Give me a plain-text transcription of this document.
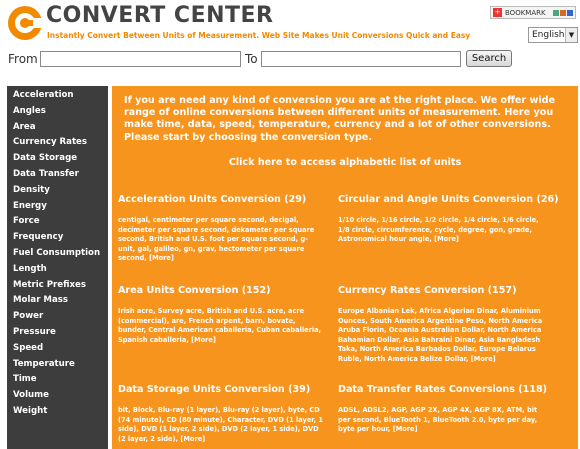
CONVERT CENTER
Instantly Convert Between Units of Measurement. Web Site Makes Unit Conversions Quick and Easy
+ BOOKMARK
English ▼
From	To	Search
Acceleration
Angles
Area
Currency Rates
Data Storage
Data Transfer
Density
Energy
Force
Frequency
Fuel Consumption
Length
Metric Prefixes
Molar Mass
Power
Pressure
Speed
Temperature
Time
Volume
Weight

If you are need any kind of conversion you are at the right place. We offer wide range of online conversions between different units of measurement. Here you make time, data, speed, temperature, currency and a lot of other conversions. Please start by choosing the conversion type.

Click here to access alphabetic list of units
Acceleration Units Conversion (29)
centigal, centimeter per square second, decigal, decimeter per square second, dekameter per square second, British and U.S. foot per square second, g-unit, gal, galileo, gn, grav, hectometer per square second, [More]
Circular and Angle Units Conversion (26)
1/10 circle, 1/16 circle, 1/2 circle, 1/4 circle, 1/6 circle, 1/8 circle, circumference, cycle, degree, gon, grade, Astronomical hour angle, [More]
Area Units Conversion (152)
Irish acre, Survey acre, British and U.S. acre, acre (commercial), are, French arpent, barn, bovate, bunder, Central American caballeria, Cuban caballeria, Spanish caballeria, [More]
Currency Rates Conversion (157)
Europe Albanian Lek, Africa Algerian Dinar, Aluminium Ounces, South America Argentine Peso, North America Aruba Florin, Oceania Australian Dollar, North America Bahamian Dollar, Asia Bahraini Dinar, Asia Bangladesh Taka, North America Barbados Dollar, Europe Belarus Ruble, North America Belize Dollar, [More]
Data Storage Units Conversion (39)
bit, Block, Blu-ray (1 layer), Blu-ray (2 layer), byte, CD (74 minute), CD (80 minute), Character, DVD (1 layer, 1 side), DVD (1 layer, 2 side), DVD (2 layer, 1 side), DVD (2 layer, 2 side), [More]
Data Transfer Rates Conversions (118)
ADSL, ADSL2, AGP, AGP 2X, AGP 4X, AGP 8X, ATM, bit per second, BlueTooth 1, BlueTooth 2.0, byte per day, byte per hour, [More]
